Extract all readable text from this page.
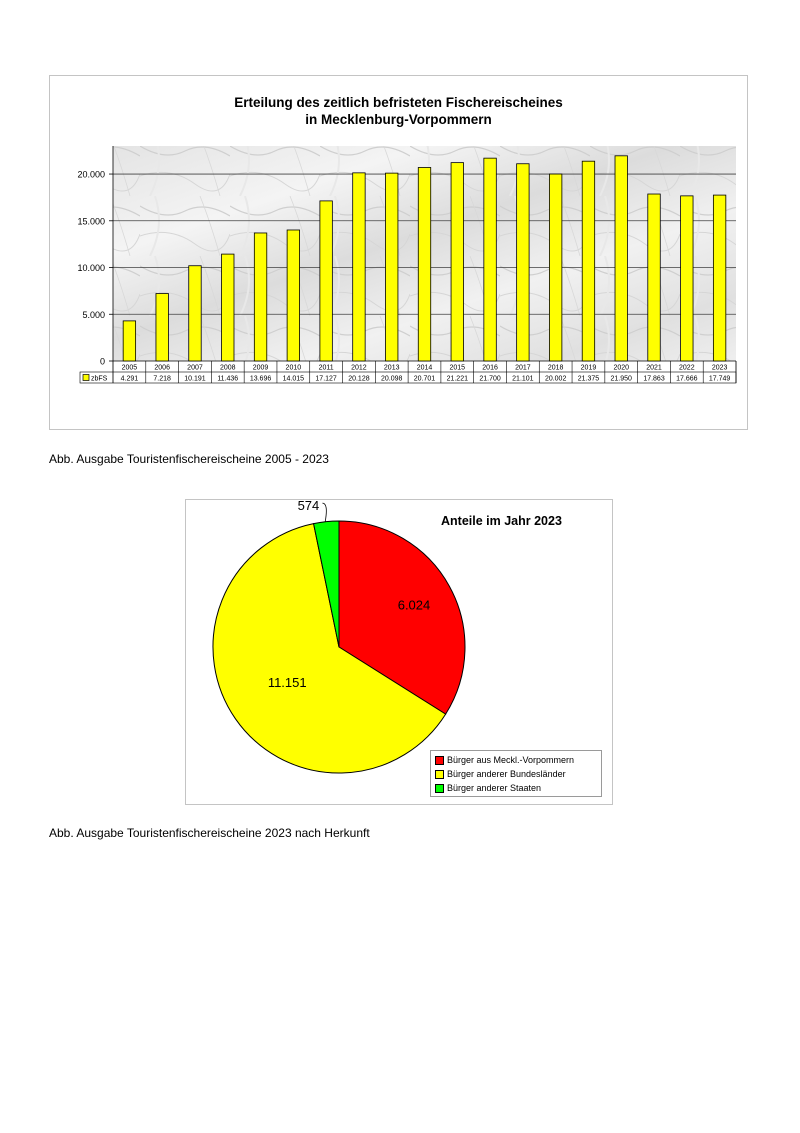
Erteilung des zeitlich befristeten Fischereischeines
in Mecklenburg-Vorpommern
0
5.000
10.000
15.000
20.000
2005
4.291
2006
7.218
2007
10.191
2008
11.436
2009
13.696
2010
14.015
2011
17.127
2012
20.128
2013
20.098
2014
20.701
2015
21.221
2016
21.700
2017
21.101
2018
20.002
2019
21.375
2020
21.950
2021
17.863
2022
17.666
2023
17.749
zbFS
Abb. Ausgabe Touristenfischereischeine 2005 - 2023
6.024
11.151
574
Anteile im Jahr 2023
Bürger aus Meckl.-Vorpommern
Bürger anderer Bundesländer
Bürger anderer Staaten
Abb. Ausgabe Touristenfischereischeine 2023 nach Herkunft
